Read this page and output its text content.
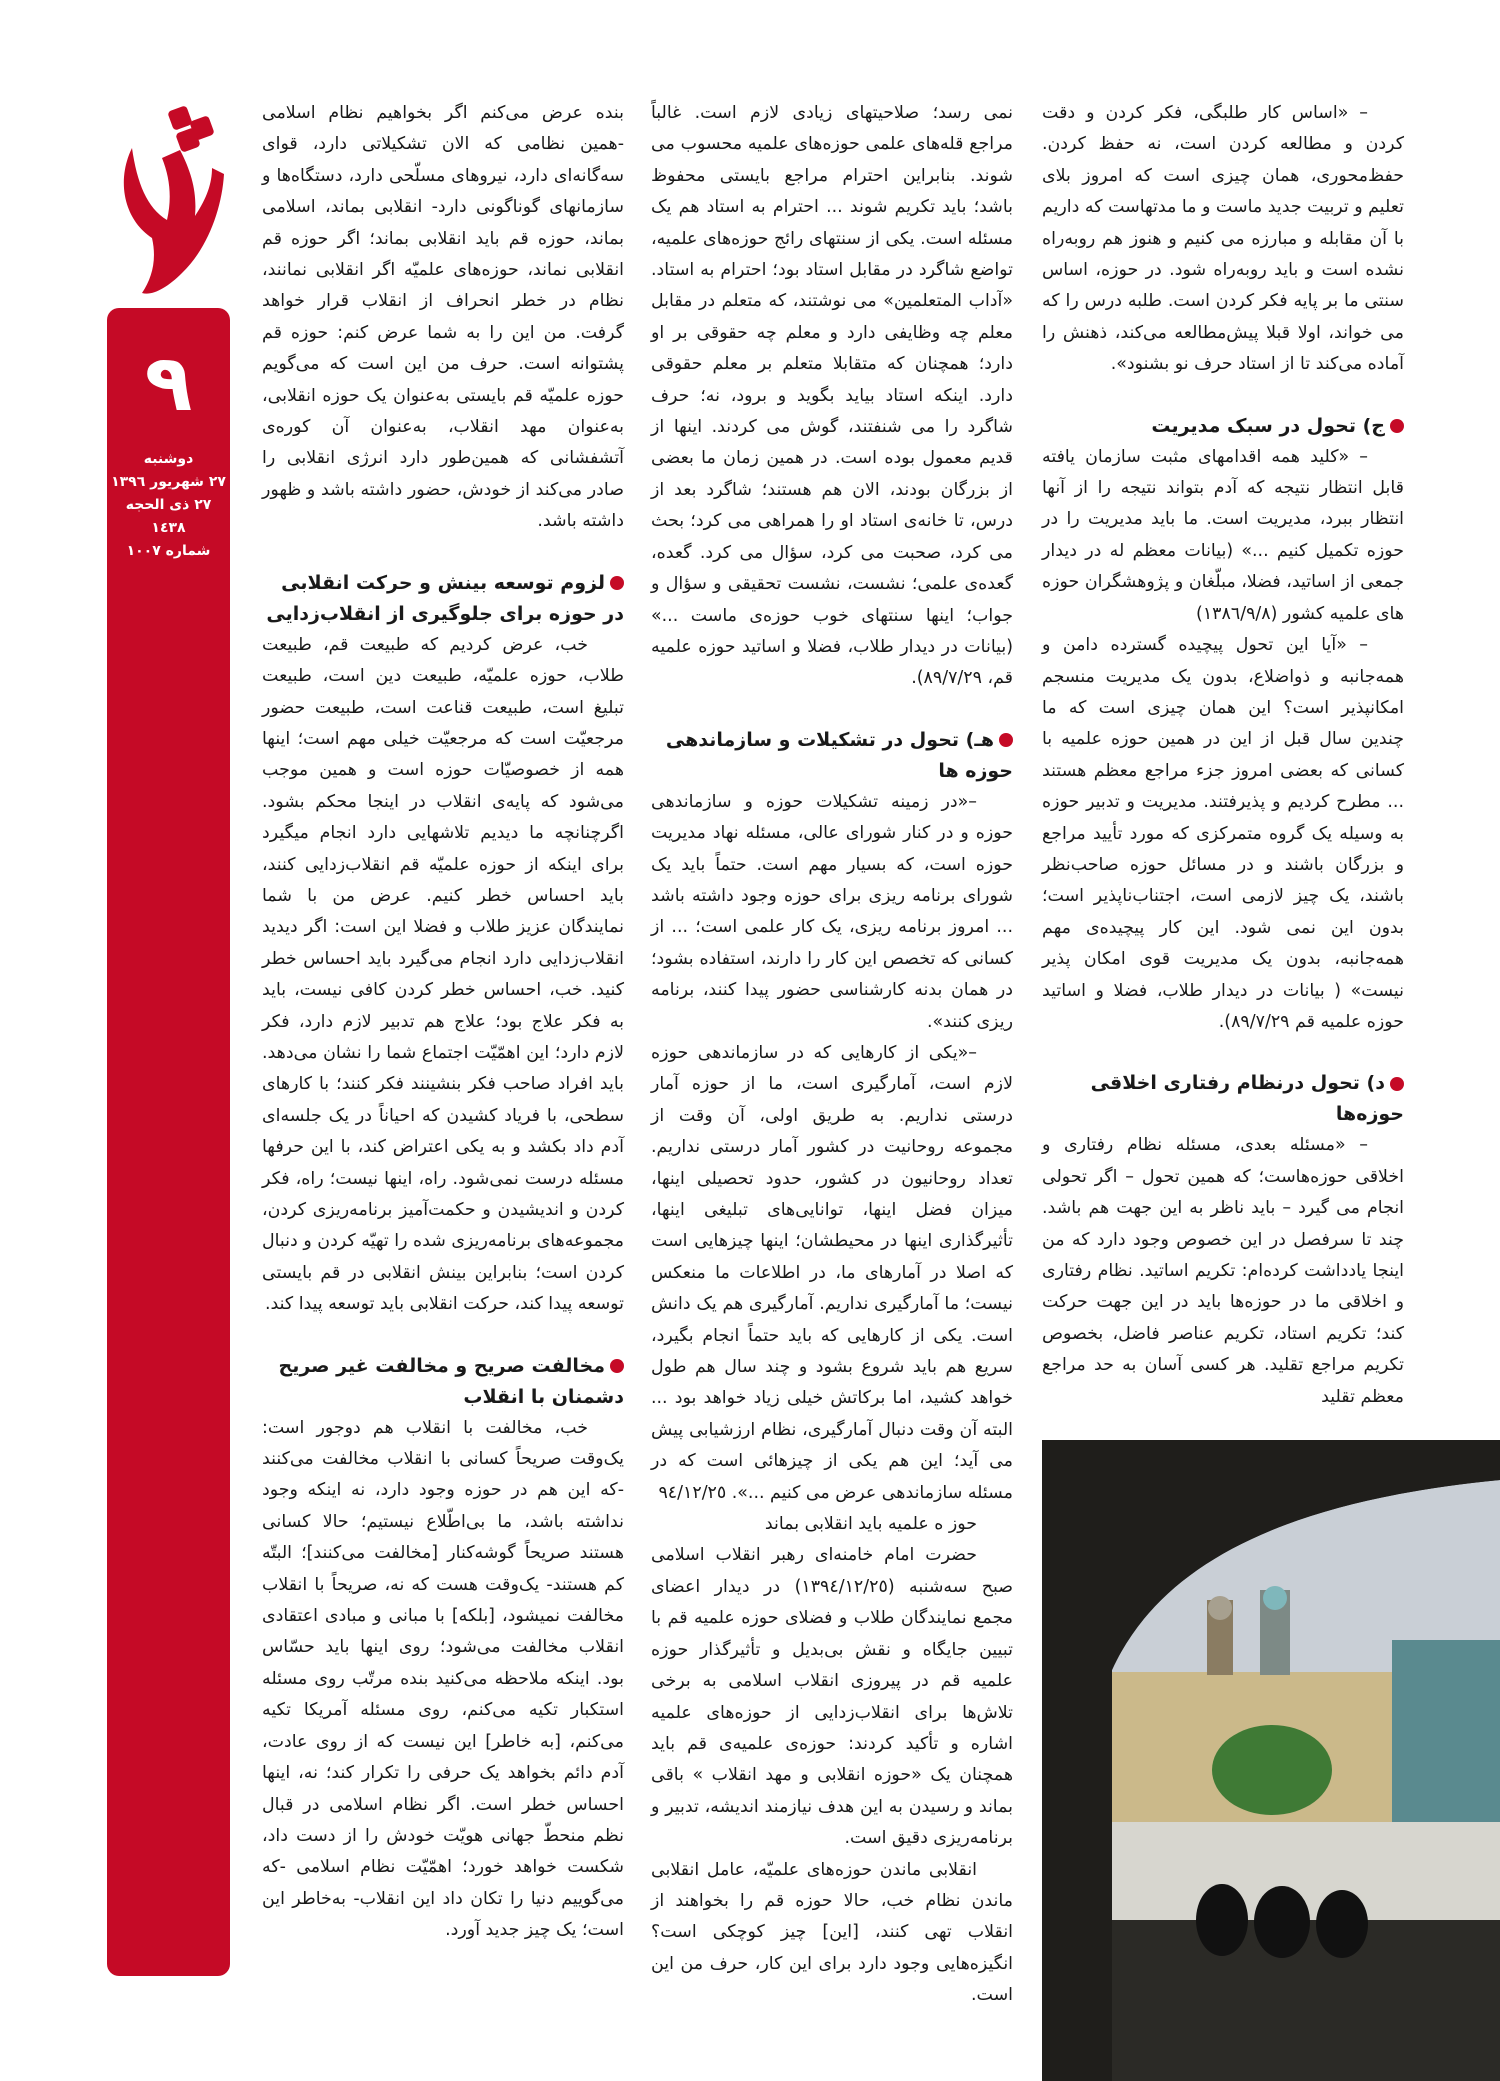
٩
دوشنبه
٢٧ شهریور ١٣٩٦
٢٧ ذی الحجه ١٤٣٨
شماره ١٠٠٧

– «اساس کار طلبگی، فکر کردن و دقت کردن و مطالعه کردن است، نه حفظ کردن. حفظ‌محوری، همان چیزی است که امروز بلای تعلیم و تربیت جدید ماست و ما مدتهاست که داریم با آن مقابله و مبارزه می کنیم و هنوز هم روبه‌راه نشده است و باید روبه‌راه شود. در حوزه، اساس سنتی ما بر پایه فکر کردن است. طلبه درس را که می خواند، اولا قبلا پیش‌مطالعه می‌کند، ذهنش را آماده می‌کند تا از استاد حرف نو بشنود».

ج) تحول در سبک مدیریت

– «کلید همه اقدامهای مثبت سازمان یافته قابل انتظار نتیجه که آدم بتواند نتیجه را از آنها انتظار ببرد، مدیریت است. ما باید مدیریت را در حوزه تکمیل کنیم ...» (بیانات معظم له در دیدار جمعی از اساتید، فضلا، مبلّغان و پژوهشگران حوزه های علمیه کشور (١٣٨٦/٩/٨)

– «آیا این تحول پیچیده گسترده دامن و همه‌جانبه و ذواضلاع، بدون یک مدیریت منسجم امکانپذیر است؟ این همان چیزی است که ما چندین سال قبل از این در همین حوزه علمیه با کسانی که بعضی امروز جزء مراجع معظم هستند ... مطرح کردیم و پذیرفتند. مدیریت و تدبیر حوزه به وسیله یک گروه متمرکزی که مورد تأیید مراجع و بزرگان باشند و در مسائل حوزه صاحب‌نظر باشند، یک چیز لازمی است، اجتناب‌ناپذیر است؛ بدون این نمی شود. این کار پیچیده‌ی مهم همه‌جانبه، بدون یک مدیریت قوی امکان پذیر نیست» ( بیانات در دیدار طلاب، فضلا و اساتید حوزه علمیه قم ٨٩/٧/٢٩).

د) تحول درنظام رفتاری اخلاقی حوزه‌ها

– «مسئله بعدی، مسئله نظام رفتاری و اخلاقی حوزه‌هاست؛ که همین تحول – اگر تحولی انجام می گیرد – باید ناظر به این جهت هم باشد. چند تا سرفصل در این خصوص وجود دارد که من اینجا یادداشت کرده‌ام: تکریم اساتید. نظام رفتاری و اخلاقی ما در حوزه‌ها باید در این جهت حرکت کند؛ تکریم استاد، تکریم عناصر فاضل، بخصوص تکریم مراجع تقلید. هر کسی آسان به حد مراجع معظم تقلید

نمی رسد؛ صلاحیتهای زیادی لازم است. غالباً مراجع قله‌های علمی حوزه‌های علمیه محسوب می شوند. بنابراین احترام مراجع بایستی محفوظ باشد؛ باید تکریم شوند ... احترام به استاد هم یک مسئله است. یکی از سنتهای رائج حوزه‌های علمیه، تواضع شاگرد در مقابل استاد بود؛ احترام به استاد. «آداب المتعلمین» می نوشتند، که متعلم در مقابل معلم چه وظایفی دارد و معلم چه حقوقی بر او دارد؛ همچنان که متقابلا متعلم بر معلم حقوقی دارد. اینکه استاد بیاید بگوید و برود، نه؛ حرف شاگرد را می شنفتند، گوش می کردند. اینها از قدیم معمول بوده است. در همین زمان ما بعضی از بزرگان بودند، الان هم هستند؛ شاگرد بعد از درس، تا خانه‌ی استاد او را همراهی می کرد؛ بحث می کرد، صحبت می کرد، سؤال می کرد. گعده، گعده‌ی علمی؛ نشست، نشست تحقیقی و سؤال و جواب؛ اینها سنتهای خوب حوزه‌ی ماست ...» (بیانات در دیدار طلاب، فضلا و اساتید حوزه علمیه قم، ٨٩/٧/٢٩).

هـ) تحول در تشکیلات و سازماندهی حوزه ها

–«در زمینه تشکیلات حوزه و سازماندهی حوزه و در کنار شورای عالی، مسئله نهاد مدیریت حوزه است، که بسیار مهم است. حتماً باید یک شورای برنامه ریزی برای حوزه وجود داشته باشد ... امروز برنامه ریزی، یک کار علمی است؛ ... از کسانی که تخصص این کار را دارند، استفاده بشود؛ در همان بدنه کارشناسی حضور پیدا کنند، برنامه ریزی کنند».

–«یکی از کارهایی که در سازماندهی حوزه لازم است، آمارگیری است، ما از حوزه آمار درستی نداریم. به طریق اولی، آن وقت از مجموعه روحانیت در کشور آمار درستی نداریم. تعداد روحانیون در کشور، حدود تحصیلی اینها، میزان فضل اینها، توانایی‌های تبلیغی اینها، تأثیرگذاری اینها در محیطشان؛ اینها چیزهایی است که اصلا در آمارهای ما، در اطلاعات ما منعکس نیست؛ ما آمارگیری نداریم. آمارگیری هم یک دانش است. یکی از کارهایی که باید حتماً انجام بگیرد، سریع هم باید شروع بشود و چند سال هم طول خواهد کشید، اما برکاتش خیلی زیاد خواهد بود ... البته آن وقت دنبال آمارگیری، نظام ارزشیابی پیش می آید؛ این هم یکی از چیزهائی است که در مسئله سازماندهی عرض می کنیم ...». ٩٤/١٢/٢٥

حوز ه علمیه باید انقلابی بماند

حضرت امام خامنه‌ای رهبر انقلاب اسلامی صبح سه‌شنبه (١٣٩٤/١٢/٢٥) در دیدار اعضای مجمع نمایندگان طلاب و فضلای حوزه علمیه قم با تبیین جایگاه و نقش بی‌بدیل و تأثیرگذار حوزه علمیه قم در پیروزی انقلاب اسلامی به برخی تلاش‌ها برای انقلاب‌زدایی از حوزه‌های علمیه اشاره و تأکید کردند: حوزه‌ی علمیه‌ی قم باید همچنان یک «حوزه انقلابی و مهد انقلاب » باقی بماند و رسیدن به این هدف نیازمند اندیشه، تدبیر و برنامه‌ریزی دقیق است.

انقلابی ماندن حوزه‌های علمیّه، عامل انقلابی ماندن نظام خب، حالا حوزه قم را بخواهند از انقلاب تهی کنند، [این] چیز کوچکی است؟ انگیزه‌هایی وجود دارد برای این کار، حرف من این است.

بنده عرض می‌کنم اگر بخواهیم نظام اسلامی -همین نظامی که الان تشکیلاتی دارد، قوای سه‌گانه‌ای دارد، نیروهای مسلّحی دارد، دستگاه‌ها و سازمانهای گوناگونی دارد- انقلابی بماند، اسلامی بماند، حوزه قم باید انقلابی بماند؛ اگر حوزه قم انقلابی نماند، حوزه‌های علمیّه اگر انقلابی نمانند، نظام در خطر انحراف از انقلاب قرار خواهد گرفت. من این را به شما عرض کنم: حوزه قم پشتوانه است. حرف من این است که می‌گویم حوزه علمیّه قم بایستی به‌عنوان یک حوزه انقلابی، به‌عنوان مهد انقلاب، به‌عنوان آن کوره‌ی آتشفشانی که همین‌طور دارد انرژی انقلابی را صادر می‌کند از خودش، حضور داشته باشد و ظهور داشته باشد.

لزوم توسعه بینش و حرکت انقلابی در حوزه برای جلوگیری از انقلاب‌زدایی

خب، عرض کردیم که طبیعت قم، طبیعت طلاب، حوزه علمیّه، طبیعت دین است، طبیعت تبلیغ است، طبیعت قناعت است، طبیعت حضور مرجعیّت است که مرجعیّت خیلی مهم است؛ اینها همه از خصوصیّات حوزه است و همین موجب می‌شود که پایه‌ی انقلاب در اینجا محکم بشود. اگرچنانچه ما دیدیم تلاشهایی دارد انجام میگیرد برای اینکه از حوزه علمیّه قم انقلاب‌زدایی کنند، باید احساس خطر کنیم. عرض من با شما نمایندگان عزیز طلاب و فضلا این است: اگر دیدید انقلاب‌زدایی دارد انجام می‌گیرد باید احساس خطر کنید. خب، احساس خطر کردن کافی نیست، باید به فکر علاج بود؛ علاج هم تدبیر لازم دارد، فکر لازم دارد؛ این اهمّیّت اجتماع شما را نشان می‌دهد. باید افراد صاحب فکر بنشینند فکر کنند؛ با کارهای سطحی، با فریاد کشیدن که احیاناً در یک جلسه‌ای آدم داد بکشد و به یکی اعتراض کند، با این حرفها مسئله درست نمی‌شود. راه، اینها نیست؛ راه، فکر کردن و اندیشیدن و حکمت‌آمیز برنامه‌ریزی کردن، مجموعه‌های برنامه‌ریزی شده را تهیّه کردن و دنبال کردن است؛ بنابراین بینش انقلابی در قم بایستی توسعه پیدا کند، حرکت انقلابی باید توسعه پیدا کند.

مخالفت صریح و مخالفت غیر صریح دشمنان با انقلاب

خب، مخالفت با انقلاب هم دوجور است: یک‌وقت صریحاً کسانی با انقلاب مخالفت می‌کنند -که این هم در حوزه وجود دارد، نه اینکه وجود نداشته باشد، ما بی‌اطّلاع نیستیم؛ حالا کسانی هستند صریحاً گوشه‌کنار [مخالفت می‌کنند]؛ البتّه کم هستند- یک‌وقت هست که نه، صریحاً با انقلاب مخالفت نمیشود، [بلکه] با مبانی و مبادی اعتقادی انقلاب مخالفت می‌شود؛ روی اینها باید حسّاس بود. اینکه ملاحظه می‌کنید بنده مرتّب روی مسئله استکبار تکیه می‌کنم، روی مسئله آمریکا تکیه می‌کنم، [به خاطر] این نیست که از روی عادت، آدم دائم بخواهد یک حرفی را تکرار کند؛ نه، اینها احساس خطر است. اگر نظام اسلامی در قبال نظم منحطّ جهانی هویّت خودش را از دست داد، شکست خواهد خورد؛ اهمّیّت نظام اسلامی -که می‌گوییم دنیا را تکان داد این انقلاب- به‌خاطر این است؛ یک چیز جدید آورد.
